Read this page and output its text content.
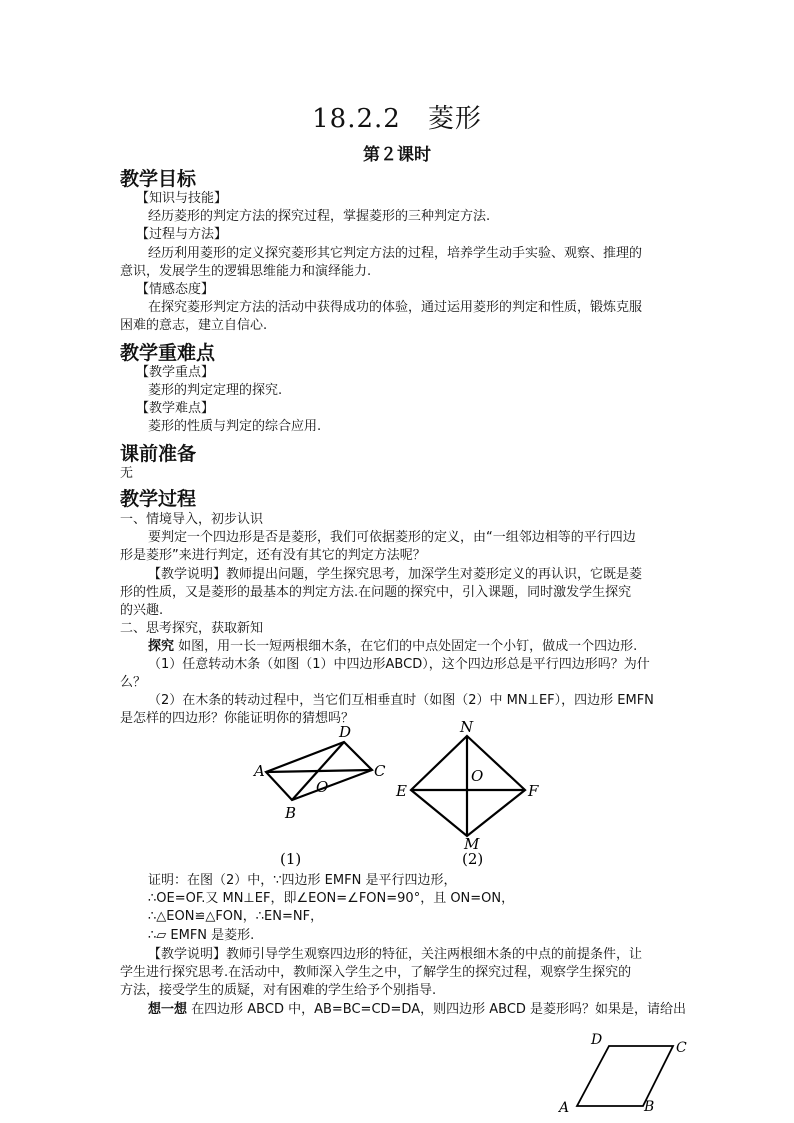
18.2.2　菱形
第２课时
教学目标
【知识与技能】
经历菱形的判定方法的探究过程，掌握菱形的三种判定方法.
【过程与方法】
经历利用菱形的定义探究菱形其它判定方法的过程，培养学生动手实验、观察、推理的
意识，发展学生的逻辑思维能力和演绎能力.
【情感态度】
在探究菱形判定方法的活动中获得成功的体验，通过运用菱形的判定和性质，锻炼克服
困难的意志，建立自信心.
教学重难点
【教学重点】
菱形的判定定理的探究.
【教学难点】
菱形的性质与判定的综合应用.
课前准备
无
教学过程
一、情境导入，初步认识
要判定一个四边形是否是菱形，我们可依据菱形的定义，由“一组邻边相等的平行四边
形是菱形”来进行判定，还有没有其它的判定方法呢？
【教学说明】教师提出问题，学生探究思考，加深学生对菱形定义的再认识，它既是菱
形的性质，又是菱形的最基本的判定方法.在问题的探究中，引入课题，同时激发学生探究
的兴趣.
二、思考探究，获取新知
探究 如图，用一长一短两根细木条，在它们的中点处固定一个小钉，做成一个四边形.
（1）任意转动木条（如图（1）中四边形ABCD），这个四边形总是平行四边形吗？为什
么？
（2）在木条的转动过程中，当它们互相垂直时（如图（2）中 MN⊥EF），四边形 EMFN
是怎样的四边形？你能证明你的猜想吗？
D
A	C
O
B
(1)
N
E	F
O
M
(2)
证明：在图（2）中，∵四边形 EMFN 是平行四边形，
∴OE=OF.又 MN⊥EF，即∠EON=∠FON=90°，且 ON=ON，
∴△EON≌△FON，∴EN=NF，
∴▱ EMFN 是菱形.
【教学说明】教师引导学生观察四边形的特征，关注两根细木条的中点的前提条件，让
学生进行探究思考.在活动中，教师深入学生之中，了解学生的探究过程，观察学生探究的
方法，接受学生的质疑，对有困难的学生给予个别指导.
想一想 在四边形 ABCD 中，AB=BC=CD=DA，则四边形 ABCD 是菱形吗？如果是，请给出
D	C
A	B
